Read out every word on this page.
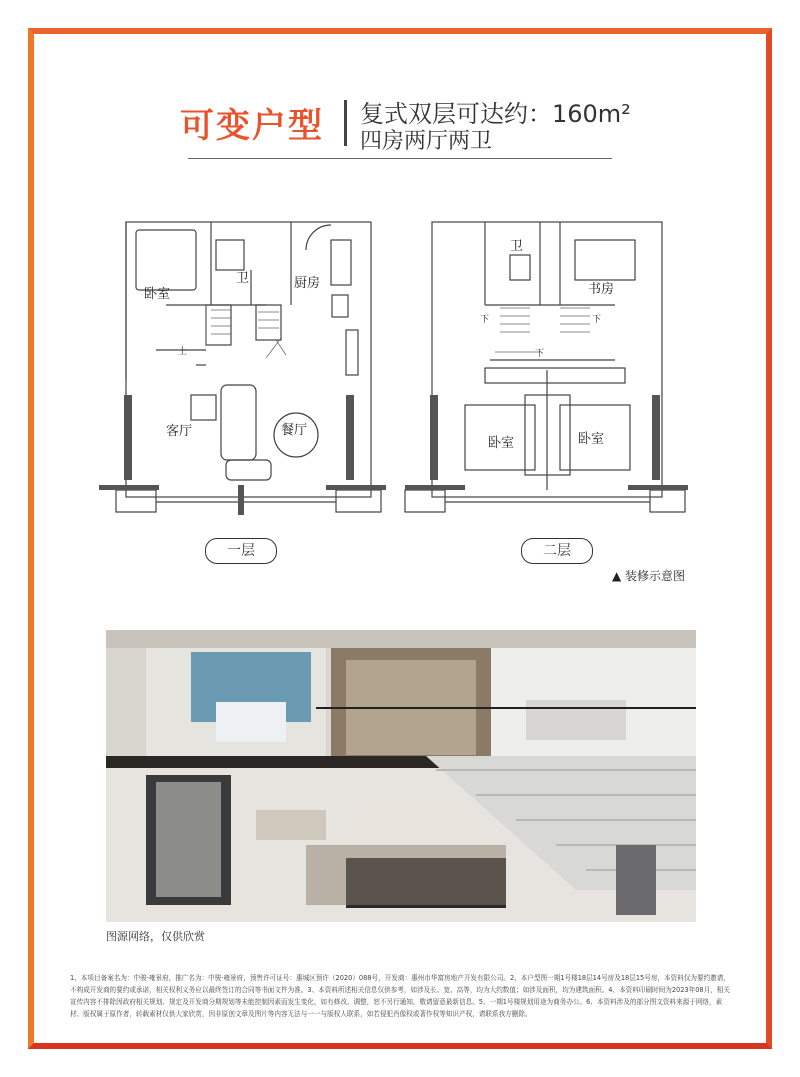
可变户型 复式双层可达约：160m²
四房两厅两卫
卧室
卫	厨房
客厅	餐厅
上
卫
书房
卧室	卧室
下	下
下
一层	二层
▲ 装修示意图
图源网络，仅供欣赏
1、本项目备案名为：中骏·雍景府，推广名为：中骏·雍景府，预售许可证号：惠城区预许（2020）088号，开发商：惠州市华富房地产开发有限公司。2、本户型图一期1号楼18层14号房及18层15号房，本资料仅为要约邀请，不构成开发商的要约或承诺，相关权利义务应以最终签订的合同等书面文件为准。3、本资料所述相关信息仅供参考，如涉及长、宽、高等，均为大约数值；如涉及面积，均为建筑面积。4、本资料印刷时间为2023年08月，相关宣传内容不排除因政府相关规划、规定及开发商分期规划等未能控制因素而发生变化，如有修改、调整，恕不另行通知，敬请留意最新信息。5、一期1号楼规划用途为商务办公。6、本资料涉及的部分图文资料来源于网络，素材、版权属于原作者，转载素材仅供大家欣赏，因非原创文章及图片等内容无法与一一与版权人联系，如若侵犯肖像权或著作权等知识产权，请联系我方删除。
